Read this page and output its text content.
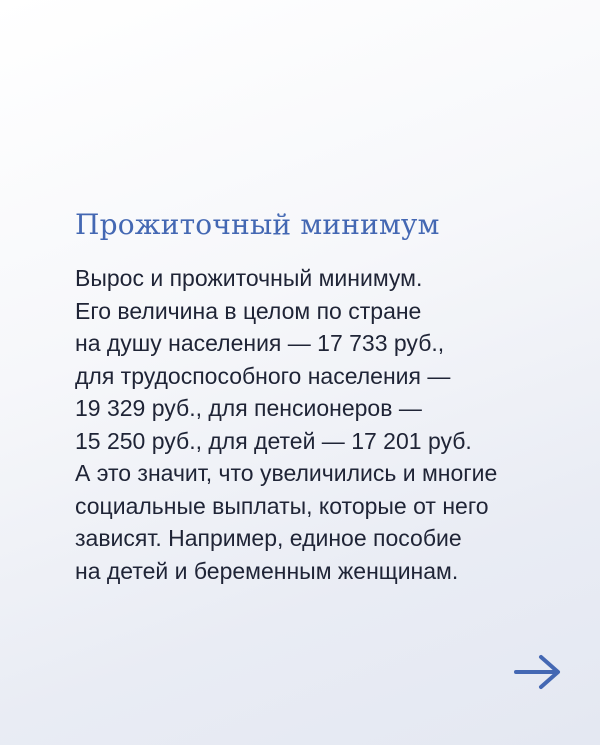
Прожиточный минимум
Вырос и прожиточный минимум.
Его величина в целом по стране
на душу населения — 17 733 руб.,
для трудоспособного населения —
19 329 руб., для пенсионеров —
15 250 руб., для детей — 17 201 руб.
А это значит, что увеличились и многие
социальные выплаты, которые от него
зависят. Например, единое пособие
на детей и беременным женщинам.
